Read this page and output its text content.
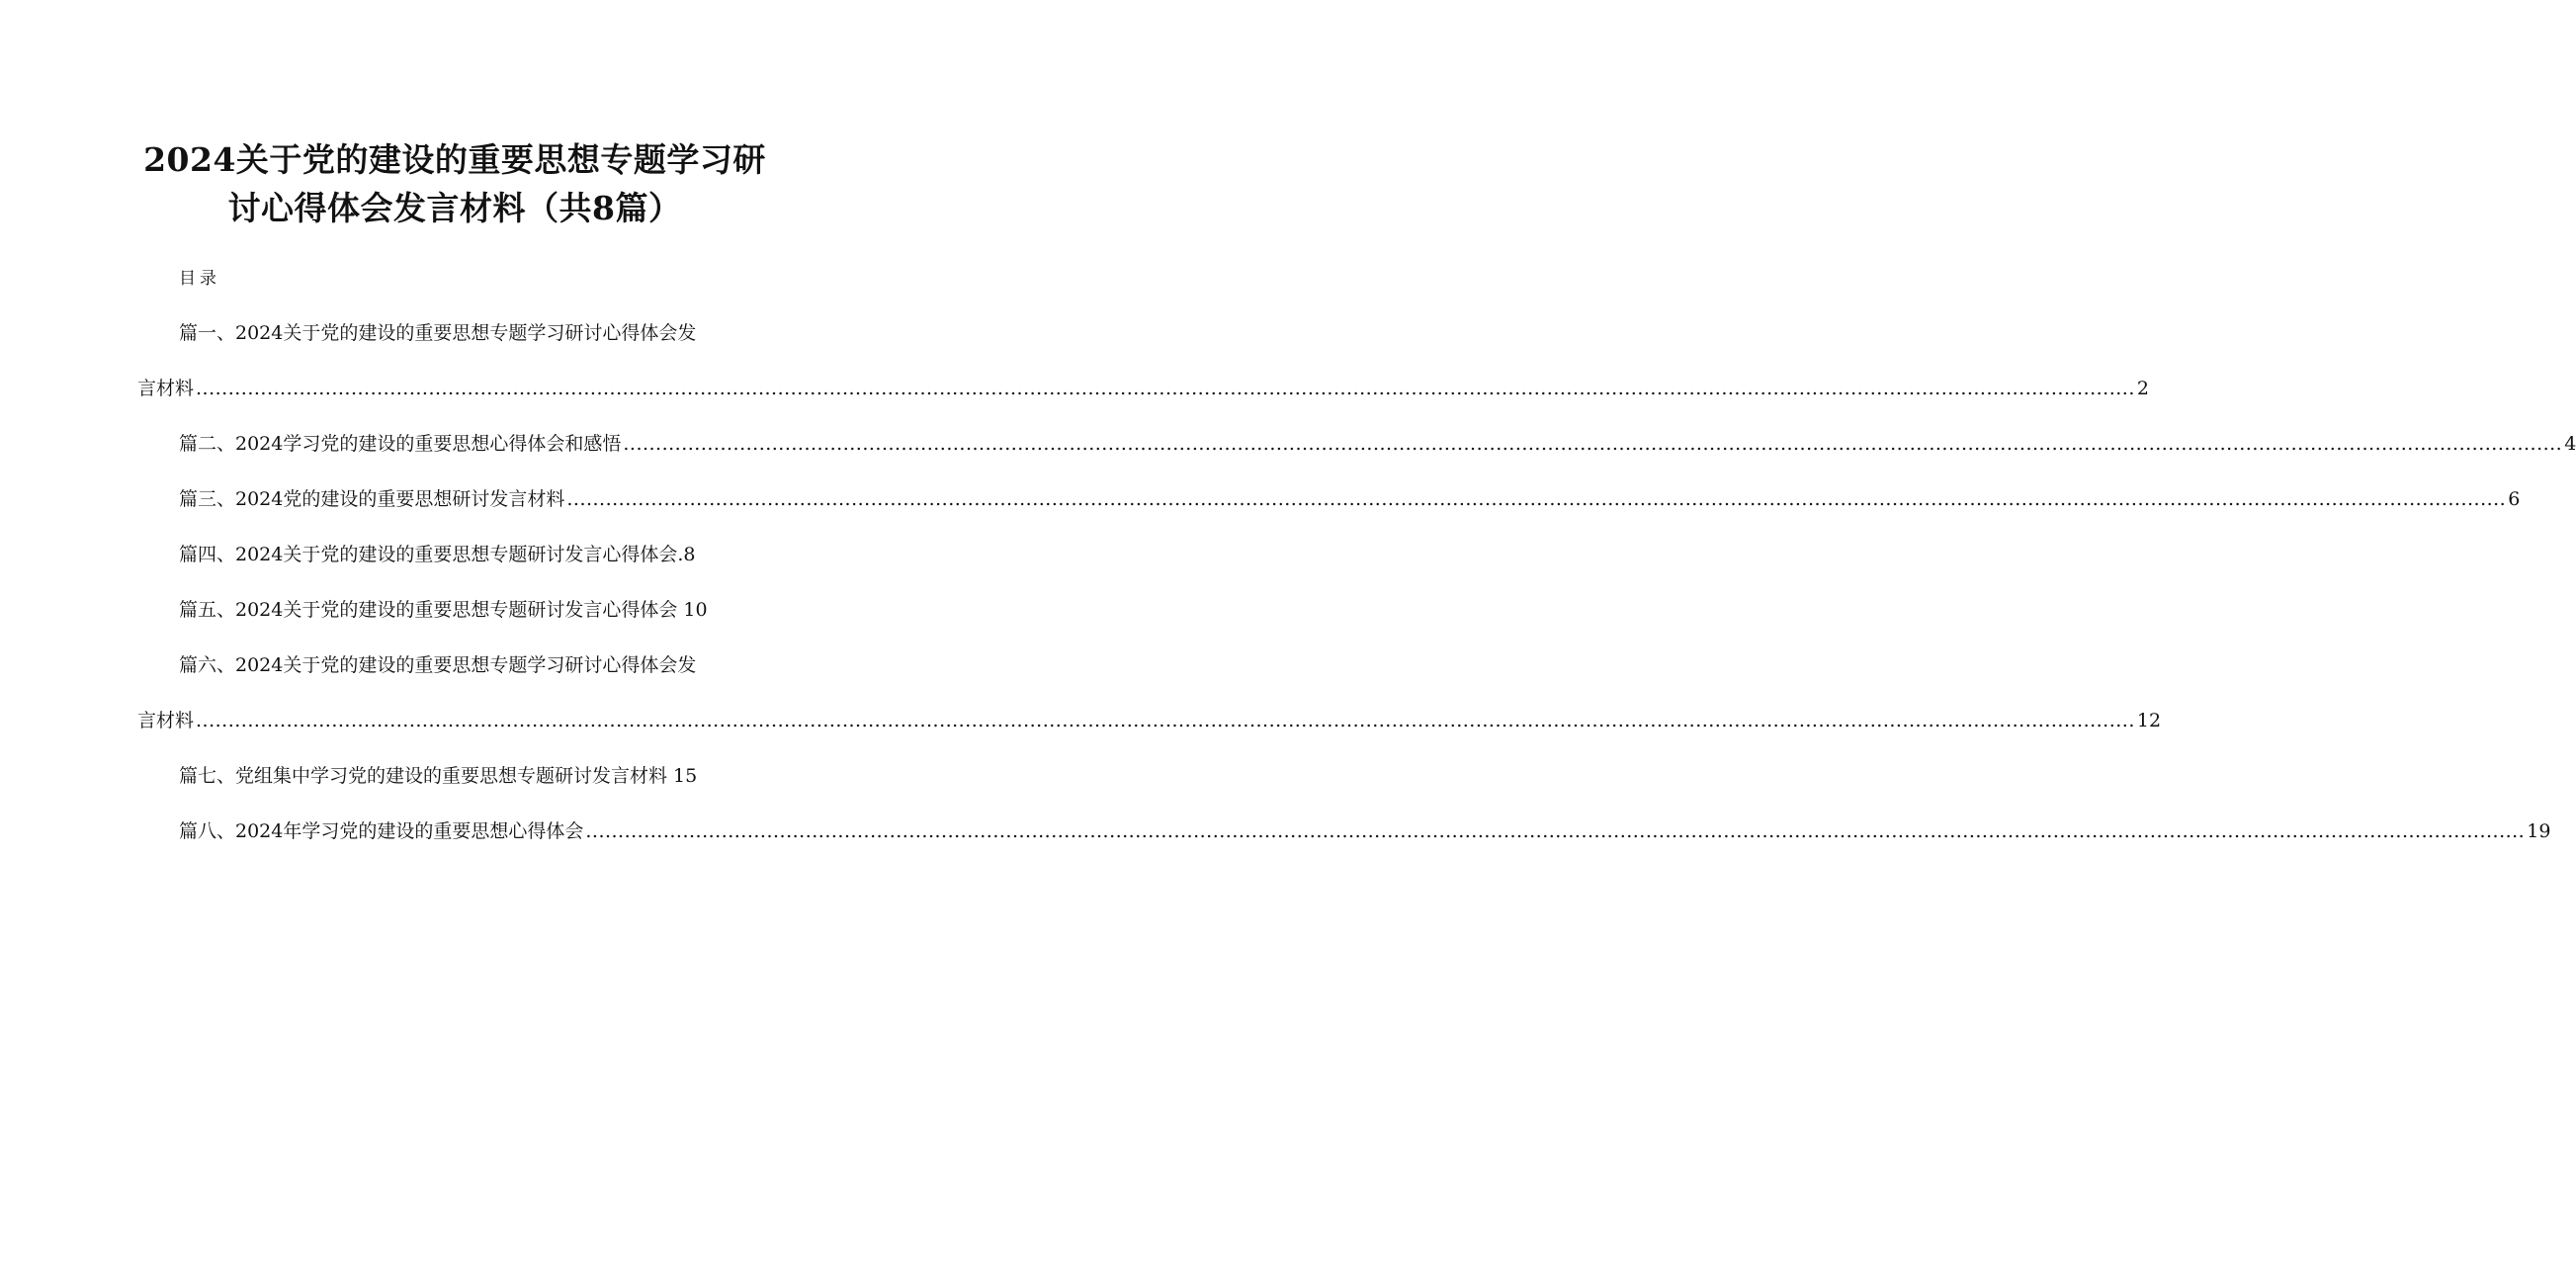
2024关于党的建设的重要思想专题学习研
讨心得体会发言材料（共8篇）
目录
篇一、2024关于党的建设的重要思想专题学习研讨心得体会发
言材料 ............................................................................................................................................................................................................................................................................................................ 2
篇二、2024学习党的建设的重要思想心得体会和感悟 ............................................................................................................................................................................................................................................................................................................ 4
篇三、2024党的建设的重要思想研讨发言材料 ............................................................................................................................................................................................................................................................................................................ 6
篇四、2024关于党的建设的重要思想专题研讨发言心得体会 . 8
篇五、2024关于党的建设的重要思想专题研讨发言心得体会 10
篇六、2024关于党的建设的重要思想专题学习研讨心得体会发
言材料 ............................................................................................................................................................................................................................................................................................................ 12
篇七、党组集中学习党的建设的重要思想专题研讨发言材料 15
篇八、2024年学习党的建设的重要思想心得体会 ............................................................................................................................................................................................................................................................................................................ 19
